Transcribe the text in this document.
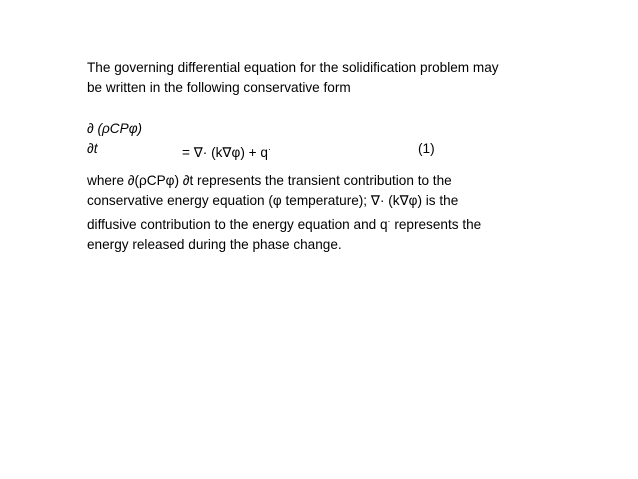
The governing differential equation for the solidification problem may
be written in the following conservative form
∂ (ρCPφ)
∂t	= ∇· (k∇φ) + q·	(1)
where ∂(ρCPφ) ∂t represents the transient contribution to the
conservative energy equation (φ temperature); ∇· (k∇φ) is the
diffusive contribution to the energy equation and q· represents the
energy released during the phase change.
